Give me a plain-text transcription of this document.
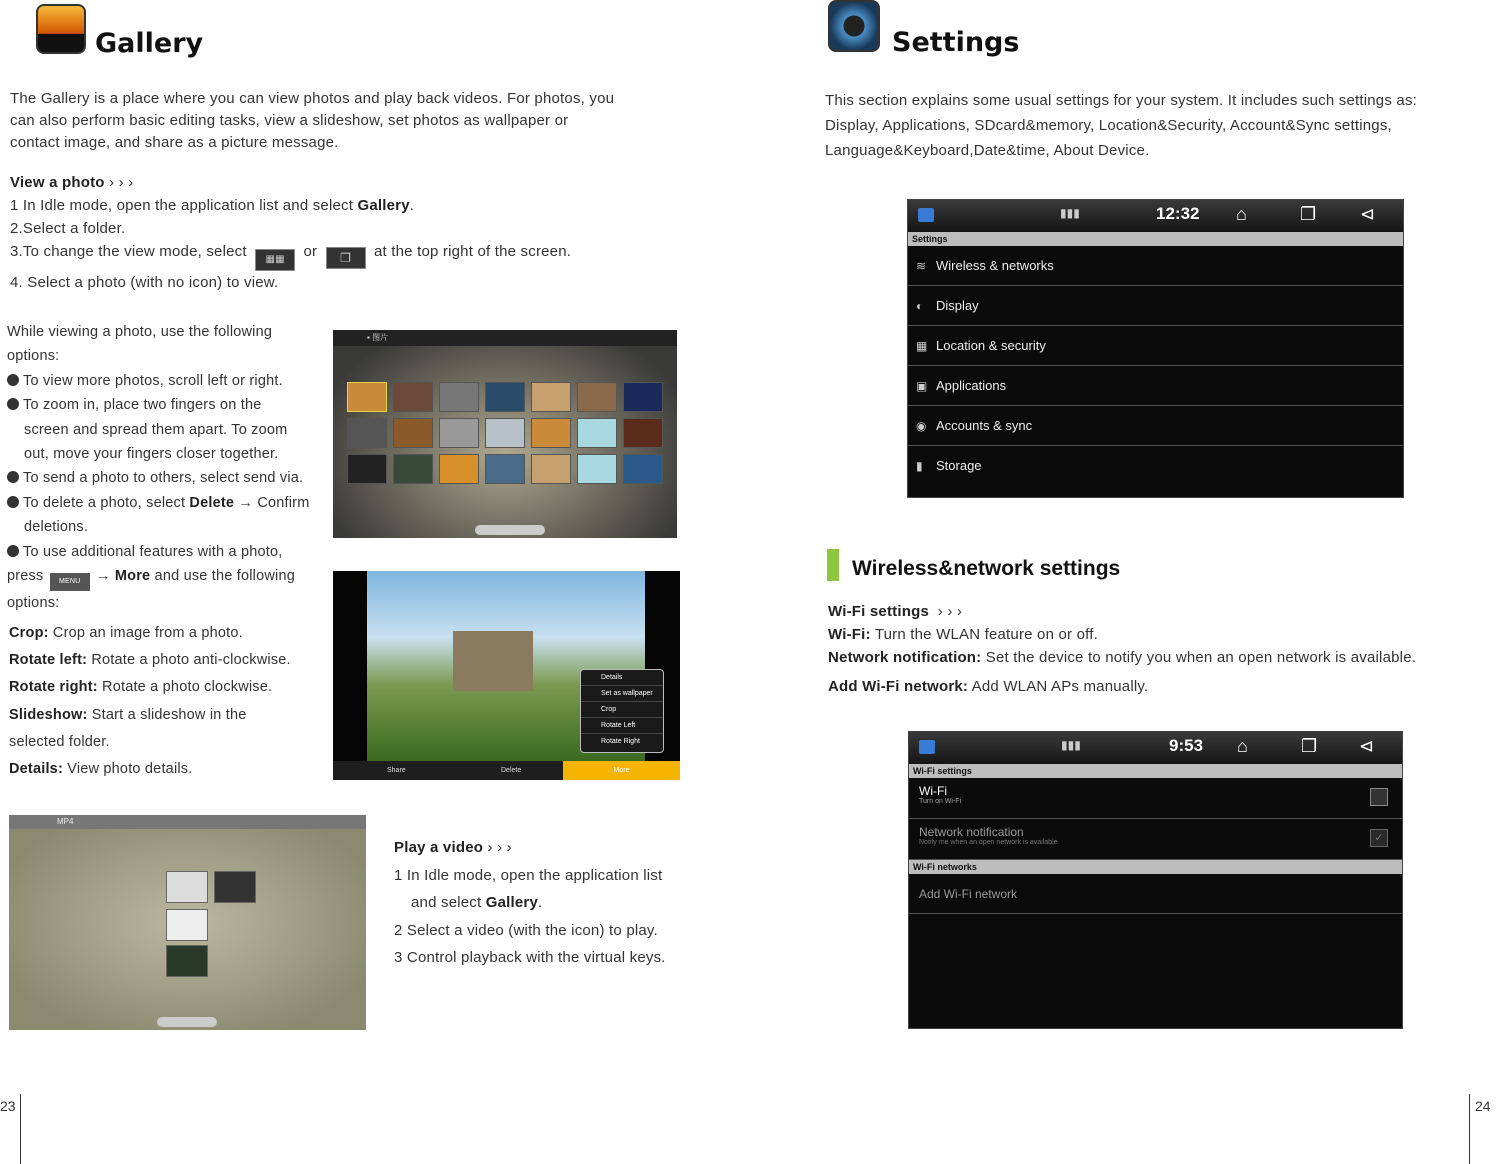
Gallery
The Gallery is a place where you can view photos and play back videos. For photos, you
can also perform basic editing tasks, view a slideshow, set photos as wallpaper or
contact image, and share as a picture message.
View a photo › › ›
1 In Idle mode, open the application list and select Gallery.
2.Select a folder.
3.To change the view mode, select ▦▦ or ❐ at the top right of the screen.
4. Select a photo (with no icon) to view.
While viewing a photo, use the following
options:
To view more photos, scroll left or right.
To zoom in, place two fingers on the
screen and spread them apart. To zoom
out, move your fingers closer together.
To send a photo to others, select send via.
To delete a photo, select Delete → Confirm
deletions.
To use additional features with a photo,
press MENU → More and use the following
options:
Crop: Crop an image from a photo.
Rotate left: Rotate a photo anti-clockwise.
Rotate right: Rotate a photo clockwise.
Slideshow: Start a slideshow in the
selected folder.
Details: View photo details.
▪ 图片
Details
Set as wallpaper
Crop
Rotate Left
Rotate Right
Share	Delete	More
MP4
Play a video › › ›
1 In Idle mode, open the application list
and select Gallery.
2 Select a video (with the icon) to play.
3 Control playback with the virtual keys.
23
Settings
This section explains some usual settings for your system. It includes such settings as:
Display, Applications, SDcard&memory, Location&Security, Account&Sync settings,
Language&Keyboard,Date&time, About Device.
▮▮▮	12:32 ⌂	❐ ⊲
Settings
≋ Wireless & networks
◐ Display
▦ Location & security
▣ Applications
◉ Accounts & sync
▮ Storage
Wireless&network settings
Wi-Fi settings › › ›
Wi-Fi: Turn the WLAN feature on or off.
Network notification: Set the device to notify you when an open network is available.
Add Wi-Fi network: Add WLAN APs manually.
▮▮▮	9:53 ⌂	❐ ⊲
Wi-Fi settings
Wi-Fi
Turn on Wi-Fi
Network notification
Notify me when an open network is available	✓
Wi-Fi networks
Add Wi-Fi network
24
